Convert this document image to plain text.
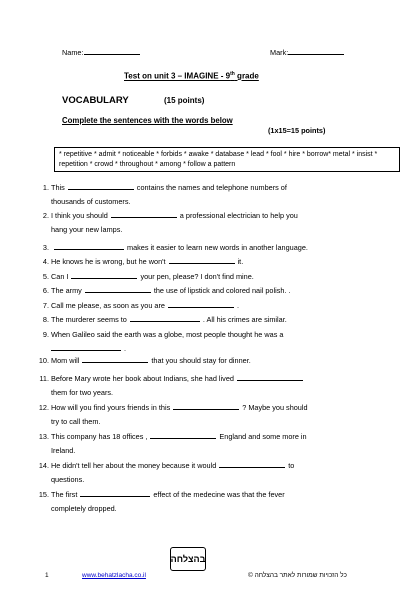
Name:	Mark:
Test on unit 3 – IMAGINE - 9th grade
VOCABULARY	(15 points)
Complete the sentences with the words below
(1x15=15 points)
* repetitive * admit * noticeable * forbids * awake * database * lead * fool * hire * borrow* metal * insist * repetition * crowd * throughout * among * follow a pattern
1. This	contains the names and telephone numbers of
thousands of customers.
2. I think you should	a professional electrician to help you
hang your new lamps.
3.	makes it easier to learn new words in another language.
4. He knows he is wrong, but he won't	it.
5. Can I	your pen, please? I don't find mine.
6. The army	the use of lipstick and colored nail polish. .
7. Call me please, as soon as you are	.
8. The murderer seems to	. All his crimes are similar.
9. When Galileo said the earth was a globe, most people thought he was a
.
10. Mom will	that you should stay for dinner.
11. Before Mary wrote her book about Indians, she had lived
them for two years.
12. How will you find yours friends in this	? Maybe you should
try to call them.
13. This company has 18 offices ,	England and some more in
Ireland.
14. He didn't tell her about the money because it would	to
questions.
15. The first	effect of the medecine was that the fever
completely dropped.
בהצלחה
1	www.behatzlacha.co.il	כל הזכויות שמורות לאתר בהצלחה ©
